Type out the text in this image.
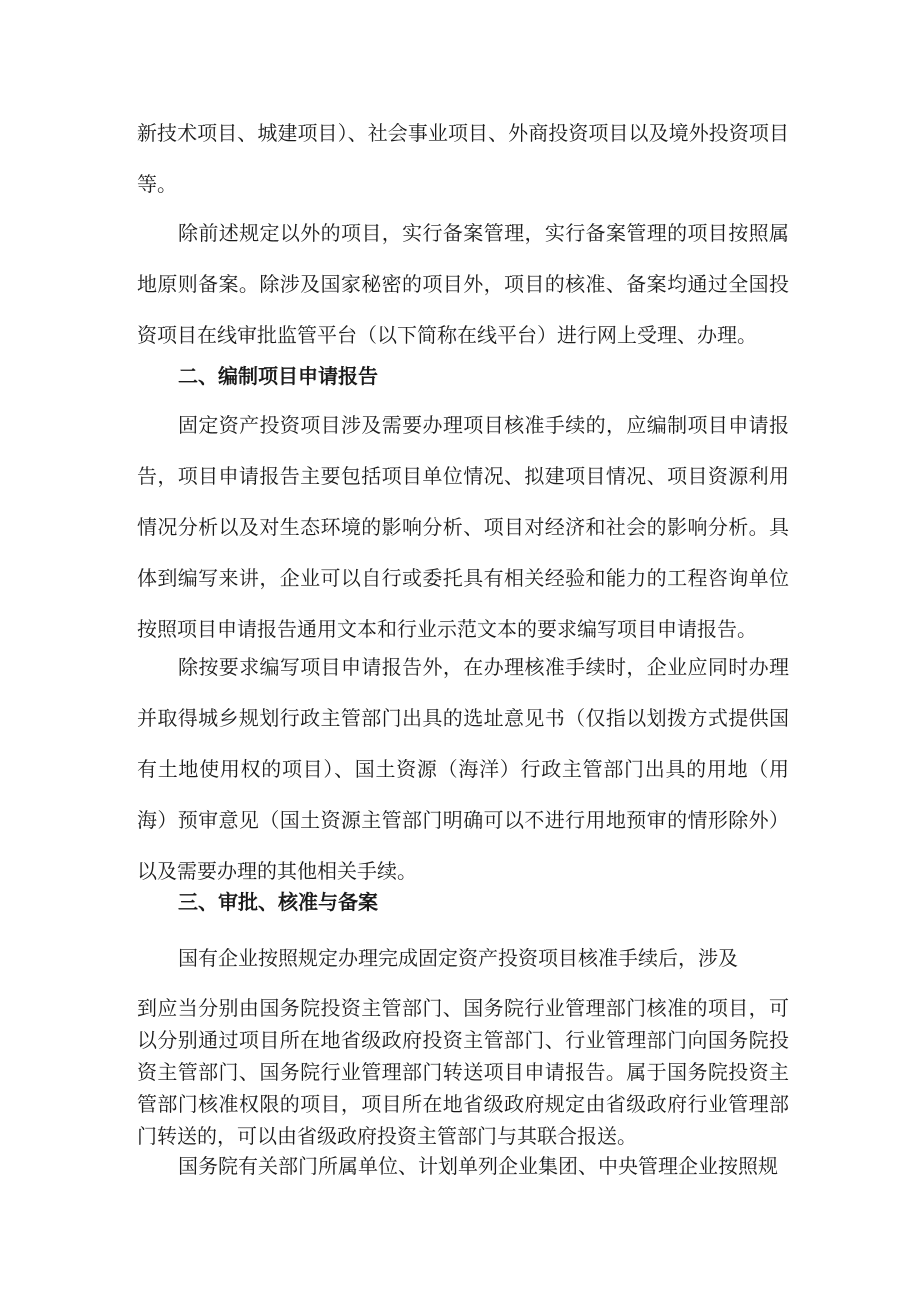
新技术项目、城建项目）、社会事业项目、外商投资项目以及境外投资项目等。

除前述规定以外的项目，实行备案管理，实行备案管理的项目按照属地原则备案。除涉及国家秘密的项目外，项目的核准、备案均通过全国投资项目在线审批监管平台（以下简称在线平台）进行网上受理、办理。

二、编制项目申请报告

固定资产投资项目涉及需要办理项目核准手续的，应编制项目申请报告，项目申请报告主要包括项目单位情况、拟建项目情况、项目资源利用情况分析以及对生态环境的影响分析、项目对经济和社会的影响分析。具体到编写来讲，企业可以自行或委托具有相关经验和能力的工程咨询单位按照项目申请报告通用文本和行业示范文本的要求编写项目申请报告。

除按要求编写项目申请报告外，在办理核准手续时，企业应同时办理并取得城乡规划行政主管部门出具的选址意见书（仅指以划拨方式提供国有土地使用权的项目）、国土资源（海洋）行政主管部门出具的用地（用海）预审意见（国土资源主管部门明确可以不进行用地预审的情形除外）以及需要办理的其他相关手续。

三、审批、核准与备案

国有企业按照规定办理完成固定资产投资项目核准手续后，涉及

到应当分别由国务院投资主管部门、国务院行业管理部门核准的项目，可以分别通过项目所在地省级政府投资主管部门、行业管理部门向国务院投资主管部门、国务院行业管理部门转送项目申请报告。属于国务院投资主管部门核准权限的项目，项目所在地省级政府规定由省级政府行业管理部门转送的，可以由省级政府投资主管部门与其联合报送。

国务院有关部门所属单位、计划单列企业集团、中央管理企业按照规
